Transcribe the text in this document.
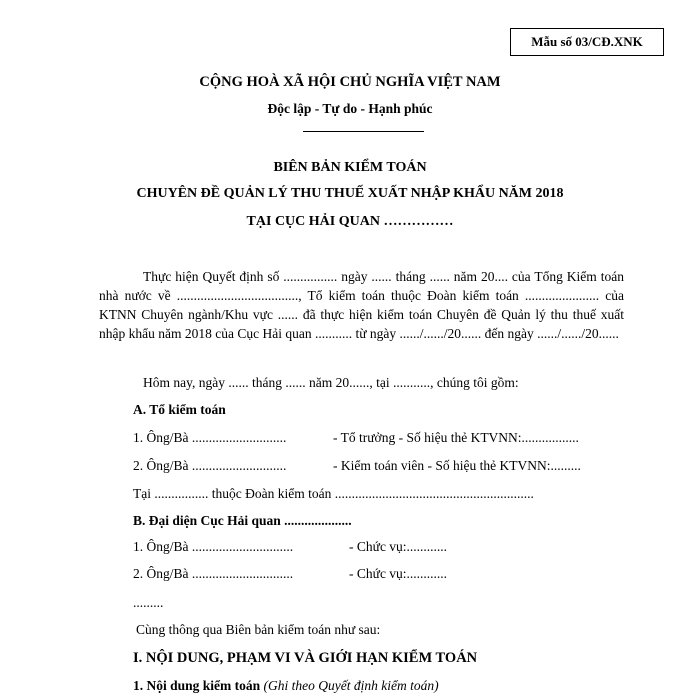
Mẫu số 03/CĐ.XNK
CỘNG HOÀ XÃ HỘI CHỦ NGHĨA VIỆT NAM
Độc lập - Tự do - Hạnh phúc
BIÊN BẢN KIỂM TOÁN
CHUYÊN ĐỀ QUẢN LÝ THU THUẾ XUẤT NHẬP KHẨU NĂM 2018
TẠI CỤC HẢI QUAN ……………
Thực hiện Quyết định số ................ ngày ...... tháng ...... năm 20.... của Tổng Kiểm toán nhà nước về ...................................., Tổ kiểm toán thuộc Đoàn kiểm toán ...................... của KTNN Chuyên ngành/Khu vực ...... đã thực hiện kiểm toán Chuyên đề Quản lý thu thuế xuất nhập khẩu năm 2018 của Cục Hải quan ........... từ ngày ....../....../20...... đến ngày ....../....../20......
Hôm nay, ngày ...... tháng ...... năm 20......, tại ..........., chúng tôi gồm:
A. Tổ kiểm toán
1. Ông/Bà ............................	- Tổ trưởng - Số hiệu thẻ KTVNN:.................
2. Ông/Bà ............................	- Kiểm toán viên - Số hiệu thẻ KTVNN:.........
Tại ................ thuộc Đoàn kiểm toán ...........................................................
B. Đại diện Cục Hải quan ....................
1. Ông/Bà ..............................	- Chức vụ:............
2. Ông/Bà ..............................	- Chức vụ:............
.........
Cùng thông qua Biên bản kiểm toán như sau:
I. NỘI DUNG, PHẠM VI VÀ GIỚI HẠN KIỂM TOÁN
1. Nội dung kiểm toán (Ghi theo Quyết định kiểm toán)
